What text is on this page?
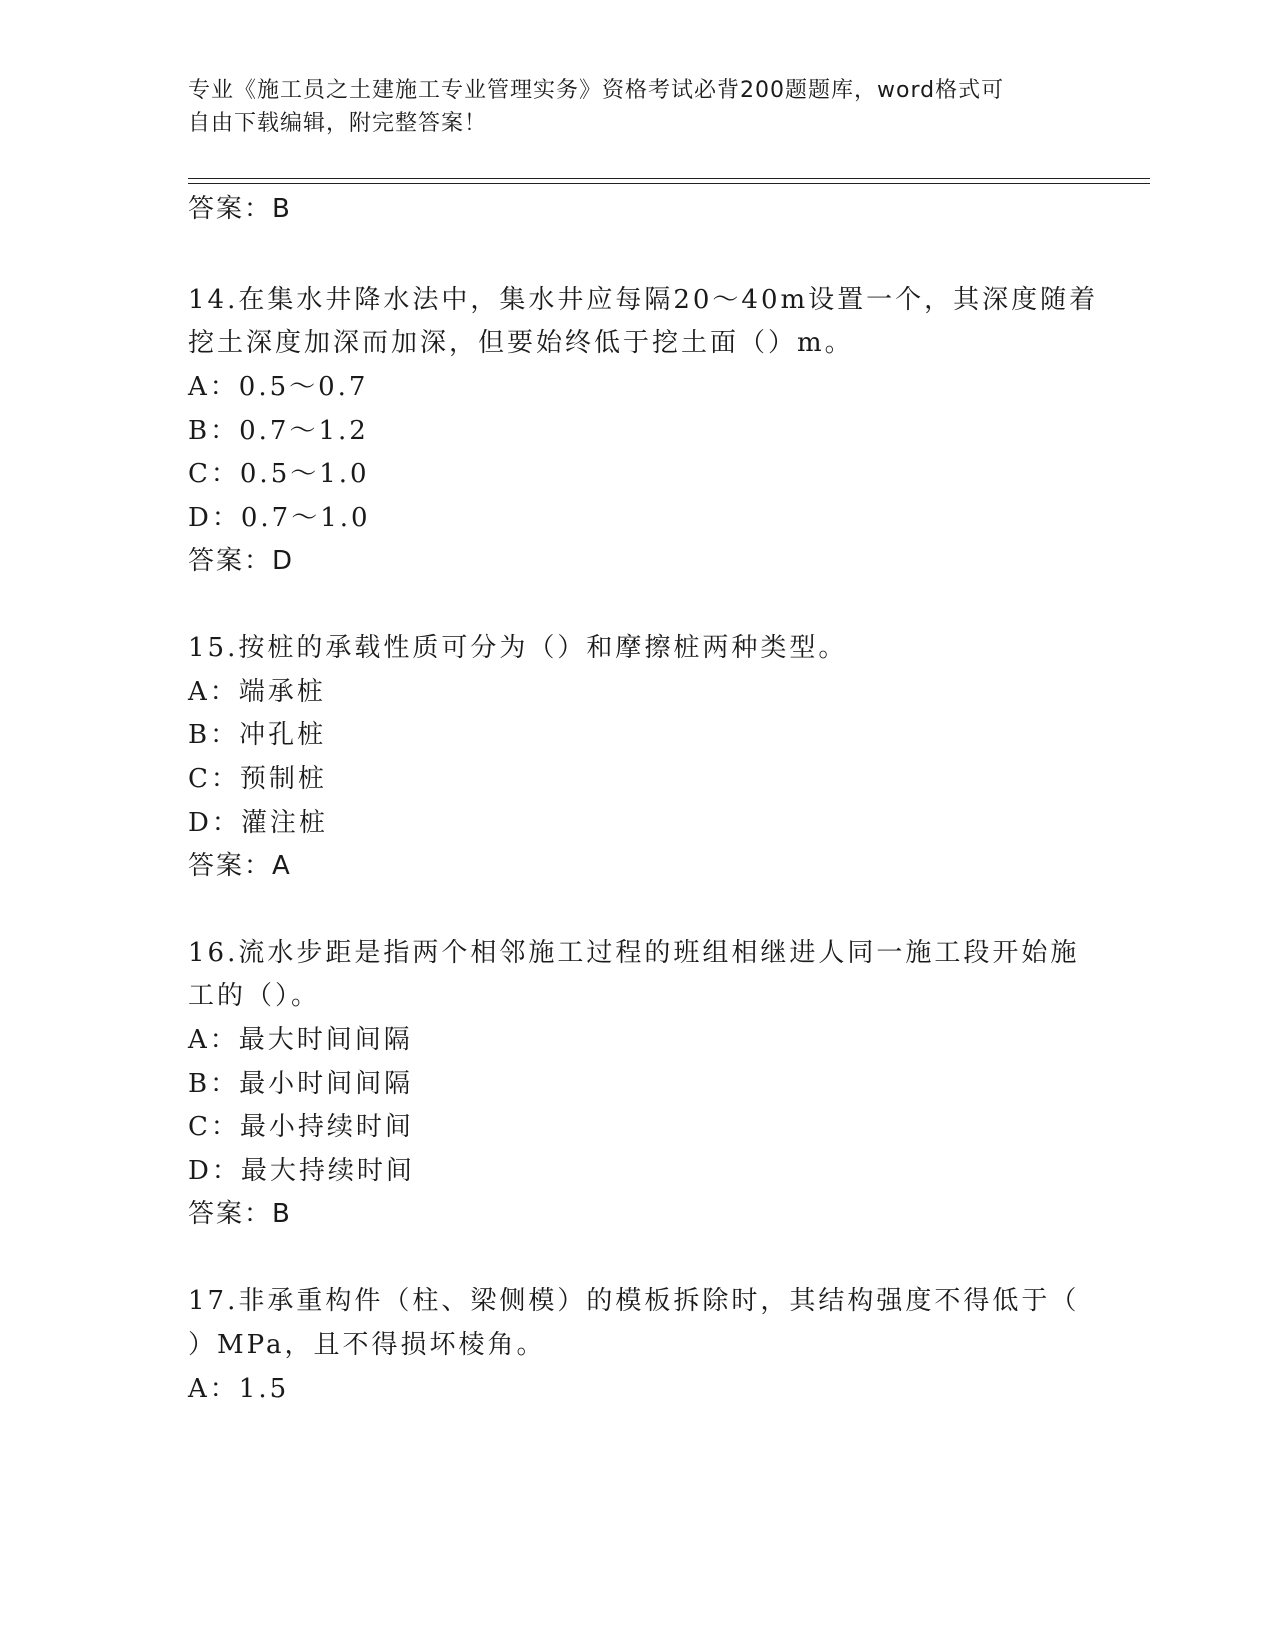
专业《施工员之土建施工专业管理实务》资格考试必背200题题库，word格式可
自由下载编辑，附完整答案！
答案：B
14.在集水井降水法中，集水井应每隔20～40m设置一个，其深度随着
挖土深度加深而加深，但要始终低于挖土面（）m。
A：0.5～0.7
B：0.7～1.2
C：0.5～1.0
D：0.7～1.0
答案：D
15.按桩的承载性质可分为（）和摩擦桩两种类型。
A：端承桩
B：冲孔桩
C：预制桩
D：灌注桩
答案：A
16.流水步距是指两个相邻施工过程的班组相继进人同一施工段开始施
工的（）。
A：最大时间间隔
B：最小时间间隔
C：最小持续时间
D：最大持续时间
答案：B
17.非承重构件（柱、梁侧模）的模板拆除时，其结构强度不得低于（
）MPa，且不得损坏棱角。
A：1.5
